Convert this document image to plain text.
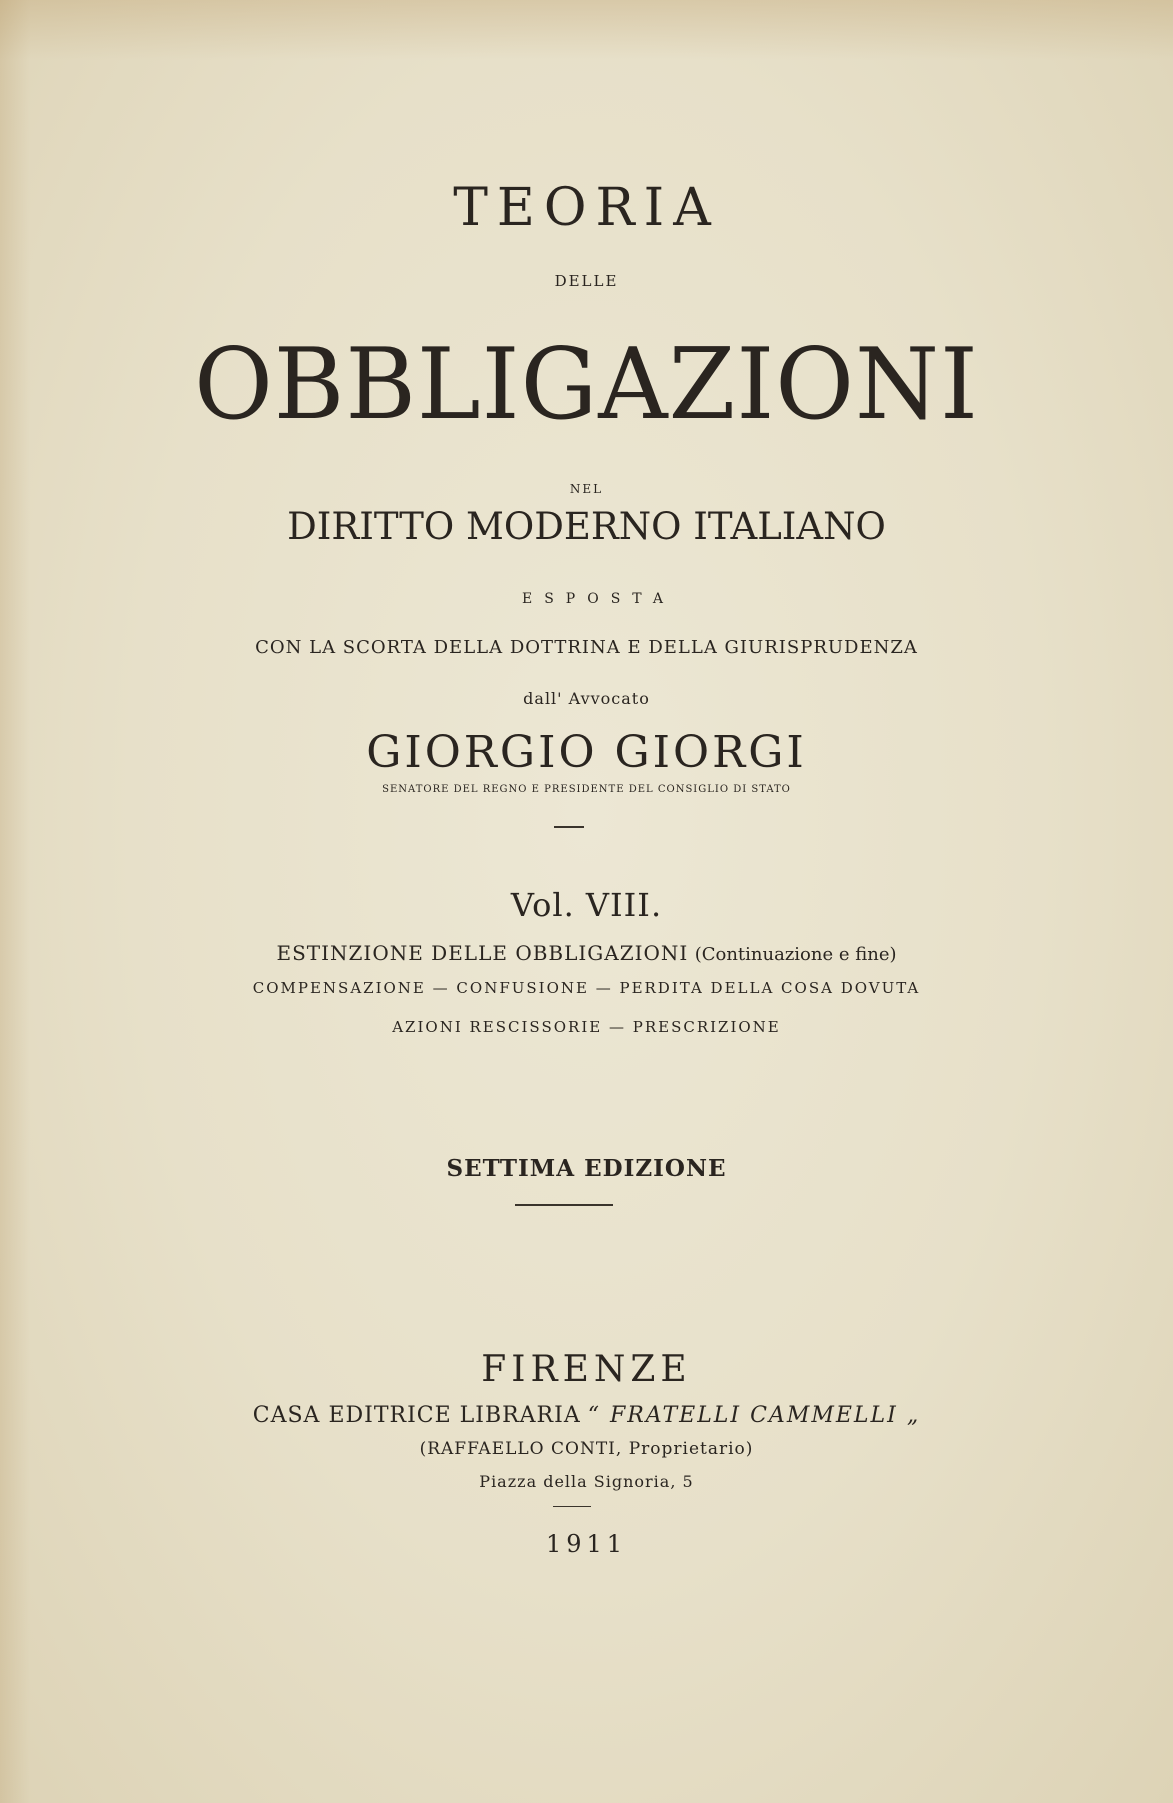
TEORIA
DELLE
OBBLIGAZIONI
NEL
DIRITTO MODERNO ITALIANO
ESPOSTA
CON LA SCORTA DELLA DOTTRINA E DELLA GIURISPRUDENZA
dall' Avvocato
GIORGIO GIORGI
SENATORE DEL REGNO E PRESIDENTE DEL CONSIGLIO DI STATO
Vol. VIII.
ESTINZIONE DELLE OBBLIGAZIONI (Continuazione e fine)
COMPENSAZIONE — CONFUSIONE — PERDITA DELLA COSA DOVUTA
AZIONI RESCISSORIE — PRESCRIZIONE
SETTIMA EDIZIONE
FIRENZE
CASA EDITRICE LIBRARIA “ FRATELLI CAMMELLI „
(RAFFAELLO CONTI, Proprietario)
Piazza della Signoria, 5
1911
